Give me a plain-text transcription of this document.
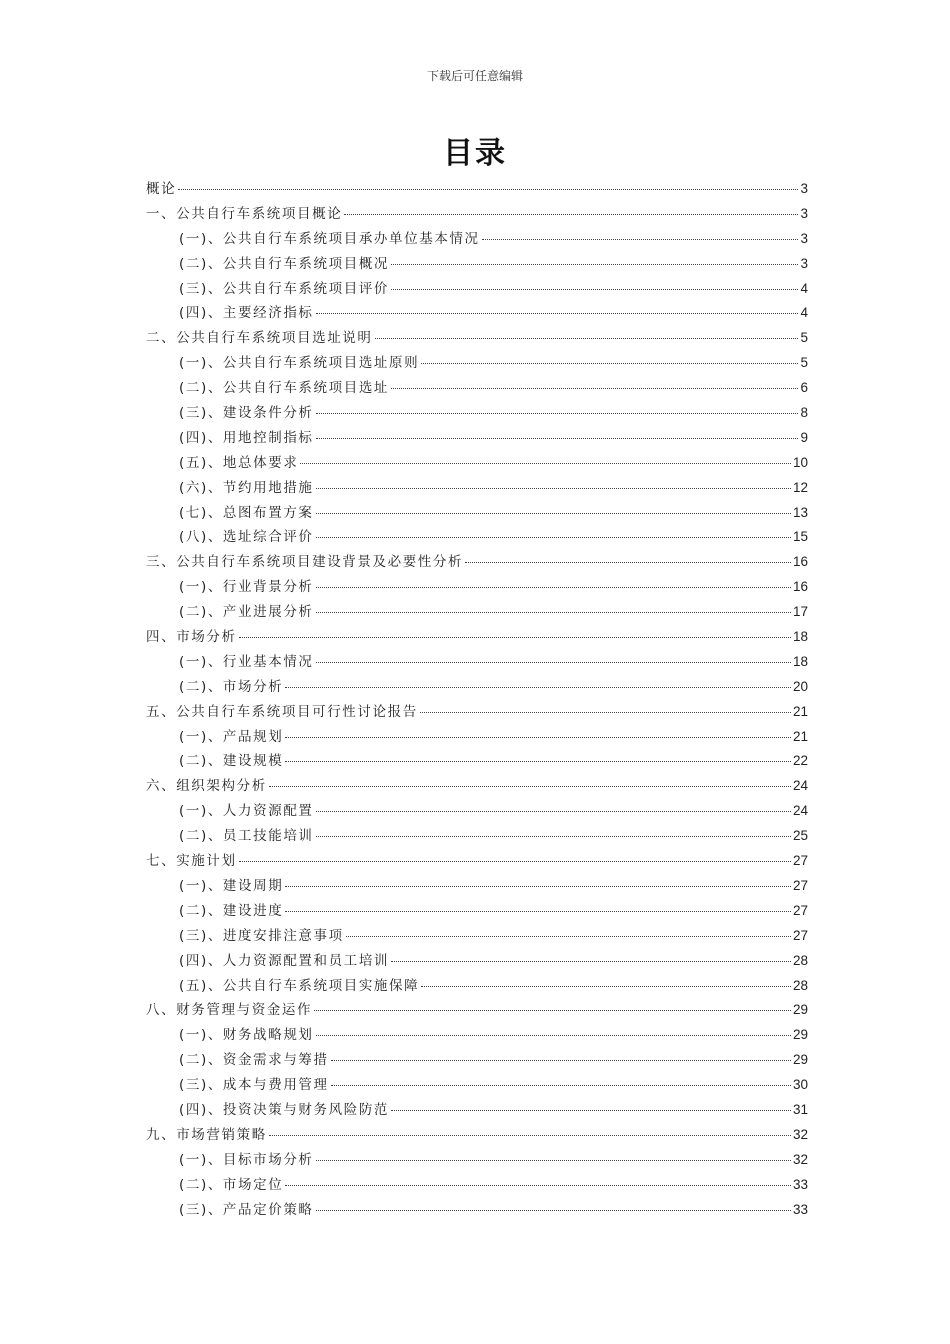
下载后可任意编辑
目录
概论	3
一、公共自行车系统项目概论	3
(一)、公共自行车系统项目承办单位基本情况	3
(二)、公共自行车系统项目概况	3
(三)、公共自行车系统项目评价	4
(四)、主要经济指标	4
二、公共自行车系统项目选址说明	5
(一)、公共自行车系统项目选址原则	5
(二)、公共自行车系统项目选址	6
(三)、建设条件分析	8
(四)、用地控制指标	9
(五)、地总体要求	10
(六)、节约用地措施	12
(七)、总图布置方案	13
(八)、选址综合评价	15
三、公共自行车系统项目建设背景及必要性分析	16
(一)、行业背景分析	16
(二)、产业进展分析	17
四、市场分析	18
(一)、行业基本情况	18
(二)、市场分析	20
五、公共自行车系统项目可行性讨论报告	21
(一)、产品规划	21
(二)、建设规模	22
六、组织架构分析	24
(一)、人力资源配置	24
(二)、员工技能培训	25
七、实施计划	27
(一)、建设周期	27
(二)、建设进度	27
(三)、进度安排注意事项	27
(四)、人力资源配置和员工培训	28
(五)、公共自行车系统项目实施保障	28
八、财务管理与资金运作	29
(一)、财务战略规划	29
(二)、资金需求与筹措	29
(三)、成本与费用管理	30
(四)、投资决策与财务风险防范	31
九、市场营销策略	32
(一)、目标市场分析	32
(二)、市场定位	33
(三)、产品定价策略	33
